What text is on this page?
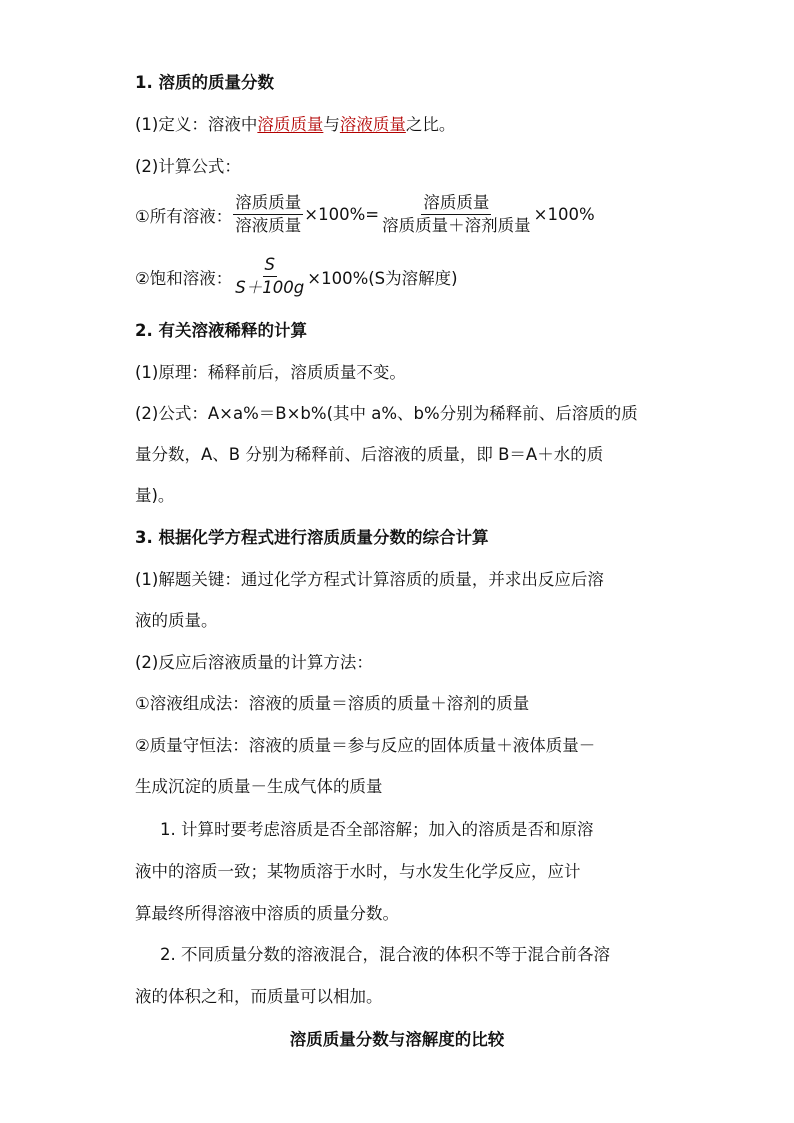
1. 溶质的质量分数
(1)定义：溶液中溶质质量与溶液质量之比。
(2)计算公式：
①所有溶液： $\frac{\text{溶质质量}}{\text{溶液质量}} \times 100\%= \frac{\text{溶质质量}}{\text{溶质质量＋溶剂质量}} \times 100\%$
②饱和溶液： $\frac{S}{S+100g} \times 100\%(S$为溶解度)
2. 有关溶液稀释的计算
(1)原理：稀释前后，溶质质量不变。
(2)公式：A×a%＝B×b%(其中 a%、b%分别为稀释前、后溶质的质
量分数，A、B 分别为稀释前、后溶液的质量，即 B＝A＋水的质
量)。
3. 根据化学方程式进行溶质质量分数的综合计算
(1)解题关键：通过化学方程式计算溶质的质量，并求出反应后溶
液的质量。
(2)反应后溶液质量的计算方法：
①溶液组成法：溶液的质量＝溶质的质量＋溶剂的质量
②质量守恒法：溶液的质量＝参与反应的固体质量＋液体质量－
生成沉淀的质量－生成气体的质量
1. 计算时要考虑溶质是否全部溶解；加入的溶质是否和原溶
液中的溶质一致；某物质溶于水时，与水发生化学反应，应计
算最终所得溶液中溶质的质量分数。
2. 不同质量分数的溶液混合，混合液的体积不等于混合前各溶
液的体积之和，而质量可以相加。
溶质质量分数与溶解度的比较
